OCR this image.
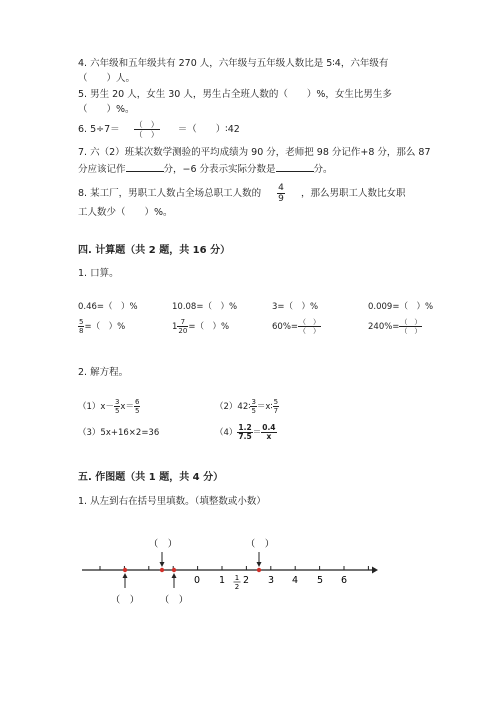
4. 六年级和五年级共有 270 人，六年级与五年级人数比是 5∶4，六年级有
（　　）人。
5. 男生 20 人，女生 30 人，男生占全班人数的（　　）%，女生比男生多
（　　）%。
6. $5\div 7= \frac{( )}{( )}$ ＝（　　）∶42
7. 六（2）班某次数学测验的平均成绩为 90 分，老师把 98 分记作+8 分，那么 87
分应该记作	分，−6 分表示实际分数是	分。
8. 某工厂，男职工人数占全场总职工人数的 $\frac{4}{9}$ ，那么男职工人数比女职
工人数少（　　）%。
四. 计算题（共 2 题，共 16 分）
1. 口算。
0.46=（　）%	10.08=（　）%	3=（　）%	0.009=（　）%
$\frac{5}{8}$ =（　）%	$1 \frac{7}{20}$ =（　）%	$60\%= \frac{( )}{( )}$	$240\%= \frac{( )}{( )}$
2. 解方程。
$(1)x- \frac{3}{5} x= \frac{6}{5}$	（2）42∶ $\frac{3}{5}$ ＝x∶ $\frac{5}{7}$
（3）5x+16×2=36	$(4) \frac{1.2}{7.5} = \frac{0.4}{x}$
五. 作图题（共 1 题，共 4 分）
1. 从左到右在括号里填数。（填整数或小数）
0 1 2 3 4 5 6
1
2
（　）	（　）
（　） （　）
